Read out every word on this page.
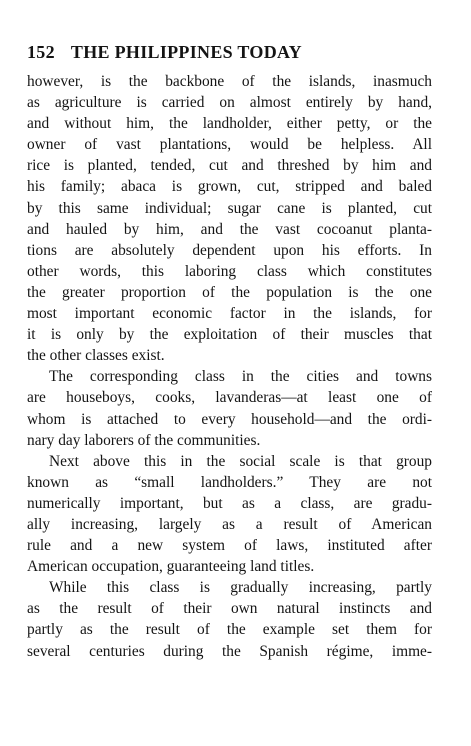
152 THE PHILIPPINES TODAY
however, is the backbone of the islands, inasmuch
as agriculture is carried on almost entirely by hand,
and without him, the landholder, either petty, or the
owner of vast plantations, would be helpless. All
rice is planted, tended, cut and threshed by him and
his family; abaca is grown, cut, stripped and baled
by this same individual; sugar cane is planted, cut
and hauled by him, and the vast cocoanut planta-
tions are absolutely dependent upon his efforts. In
other words, this laboring class which constitutes
the greater proportion of the population is the one
most important economic factor in the islands, for
it is only by the exploitation of their muscles that
the other classes exist.
The corresponding class in the cities and towns
are houseboys, cooks, lavanderas—at least one of
whom is attached to every household—and the ordi-
nary day laborers of the communities.
Next above this in the social scale is that group
known as “small landholders.” They are not
numerically important, but as a class, are gradu-
ally increasing, largely as a result of American
rule and a new system of laws, instituted after
American occupation, guaranteeing land titles.
While this class is gradually increasing, partly
as the result of their own natural instincts and
partly as the result of the example set them for
several centuries during the Spanish régime, imme-
